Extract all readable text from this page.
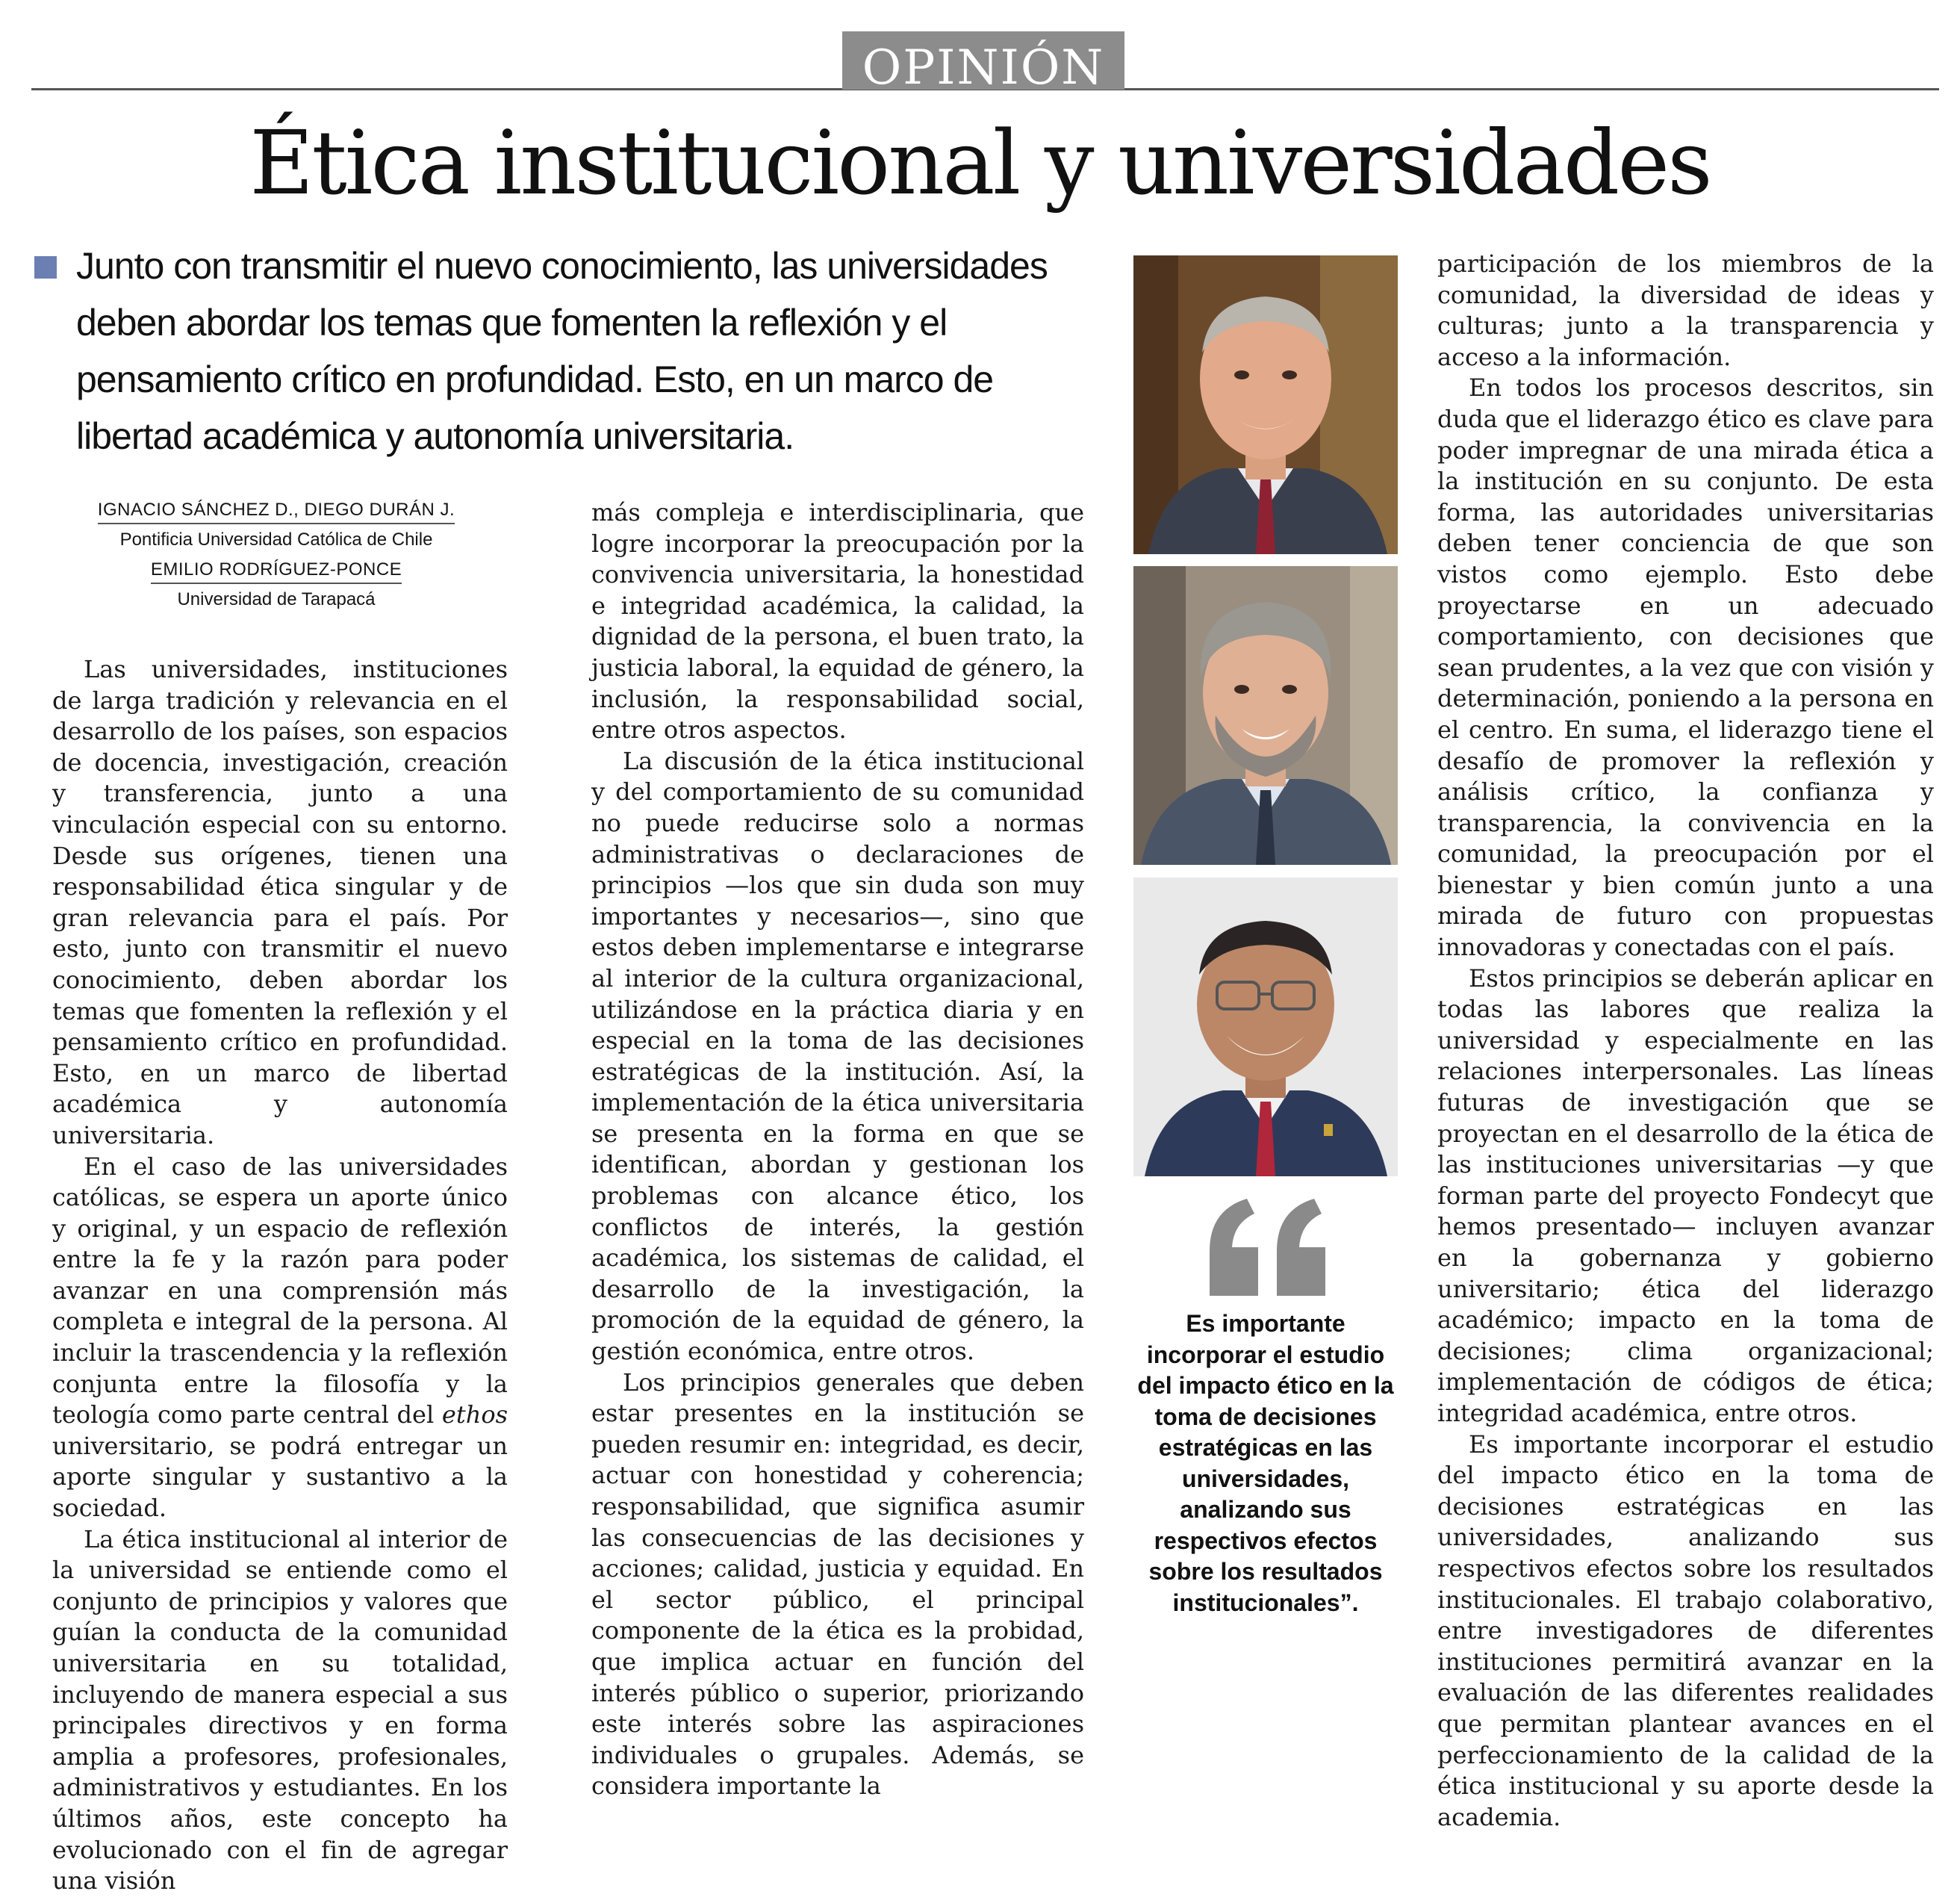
OPINIÓN
Ética institucional y universidades
Junto con transmitir el nuevo conocimiento, las universidades deben abordar los temas que fomenten la reflexión y el pensamiento crítico en profundidad. Esto, en un marco de libertad académica y autonomía universitaria.
IGNACIO SÁNCHEZ D., DIEGO DURÁN J.
Pontificia Universidad Católica de Chile
EMILIO RODRÍGUEZ-PONCE
Universidad de Tarapacá

Las universidades, instituciones de larga tradición y relevancia en el desarrollo de los países, son espacios de docencia, investigación, creación y transferencia, junto a una vinculación especial con su entorno. Desde sus orígenes, tienen una responsabilidad ética singular y de gran relevancia para el país. Por esto, junto con transmitir el nuevo conocimiento, deben abordar los temas que fomenten la reflexión y el pensamiento crítico en profundidad. Esto, en un marco de libertad académica y autonomía universitaria.

En el caso de las universidades católicas, se espera un aporte único y original, y un espacio de reflexión entre la fe y la razón para poder avanzar en una comprensión más completa e integral de la persona. Al incluir la trascendencia y la reflexión conjunta entre la filosofía y la teología como parte central del ethos universitario, se podrá entregar un aporte singular y sustantivo a la sociedad.

La ética institucional al interior de la universidad se entiende como el conjunto de principios y valores que guían la conducta de la comunidad universitaria en su totalidad, incluyendo de manera especial a sus principales directivos y en forma amplia a profesores, profesionales, administrativos y estudiantes. En los últimos años, este concepto ha evolucionado con el fin de agregar una visión

más compleja e interdisciplinaria, que logre incorporar la preocupación por la convivencia universitaria, la honestidad e integridad académica, la calidad, la dignidad de la persona, el buen trato, la justicia laboral, la equidad de género, la inclusión, la responsabilidad social, entre otros aspectos.

La discusión de la ética institucional y del comportamiento de su comunidad no puede reducirse solo a normas administrativas o declaraciones de principios —los que sin duda son muy importantes y necesarios—, sino que estos deben implementarse e integrarse al interior de la cultura organizacional, utilizándose en la práctica diaria y en especial en la toma de las decisiones estratégicas de la institución. Así, la implementación de la ética universitaria se presenta en la forma en que se identifican, abordan y gestionan los problemas con alcance ético, los conflictos de interés, la gestión académica, los sistemas de calidad, el desarrollo de la investigación, la promoción de la equidad de género, la gestión económica, entre otros.

Los principios generales que deben estar presentes en la institución se pueden resumir en: integridad, es decir, actuar con honestidad y coherencia; responsabilidad, que significa asumir las consecuencias de las decisiones y acciones; calidad, justicia y equidad. En el sector público, el principal componente de la ética es la probidad, que implica actuar en función del interés público o superior, priorizando este interés sobre las aspiraciones individuales o grupales. Además, se considera importante la

participación de los miembros de la comunidad, la diversidad de ideas y culturas; junto a la transparencia y acceso a la información.

En todos los procesos descritos, sin duda que el liderazgo ético es clave para poder impregnar de una mirada ética a la institución en su conjunto. De esta forma, las autoridades universitarias deben tener conciencia de que son vistos como ejemplo. Esto debe proyectarse en un adecuado comportamiento, con decisiones que sean prudentes, a la vez que con visión y determinación, poniendo a la persona en el centro. En suma, el liderazgo tiene el desafío de promover la reflexión y análisis crítico, la confianza y transparencia, la convivencia en la comunidad, la preocupación por el bienestar y bien común junto a una mirada de futuro con propuestas innovadoras y conectadas con el país.

Estos principios se deberán aplicar en todas las labores que realiza la universidad y especialmente en las relaciones interpersonales. Las líneas futuras de investigación que se proyectan en el desarrollo de la ética de las instituciones universitarias —y que forman parte del proyecto Fondecyt que hemos presentado— incluyen avanzar en la gobernanza y gobierno universitario; ética del liderazgo académico; impacto en la toma de decisiones; clima organizacional; implementación de códigos de ética; integridad académica, entre otros.

Es importante incorporar el estudio del impacto ético en la toma de decisiones estratégicas en las universidades, analizando sus respectivos efectos sobre los resultados institucionales. El trabajo colaborativo, entre investigadores de diferentes instituciones permitirá avanzar en la evaluación de las diferentes realidades que permitan plantear avances en el perfeccionamiento de la calidad de la ética institucional y su aporte desde la academia.

Es importante incorporar el estudio del impacto ético en la toma de decisiones estratégicas en las universidades, analizando sus respectivos efectos sobre los resultados institucionales”.
